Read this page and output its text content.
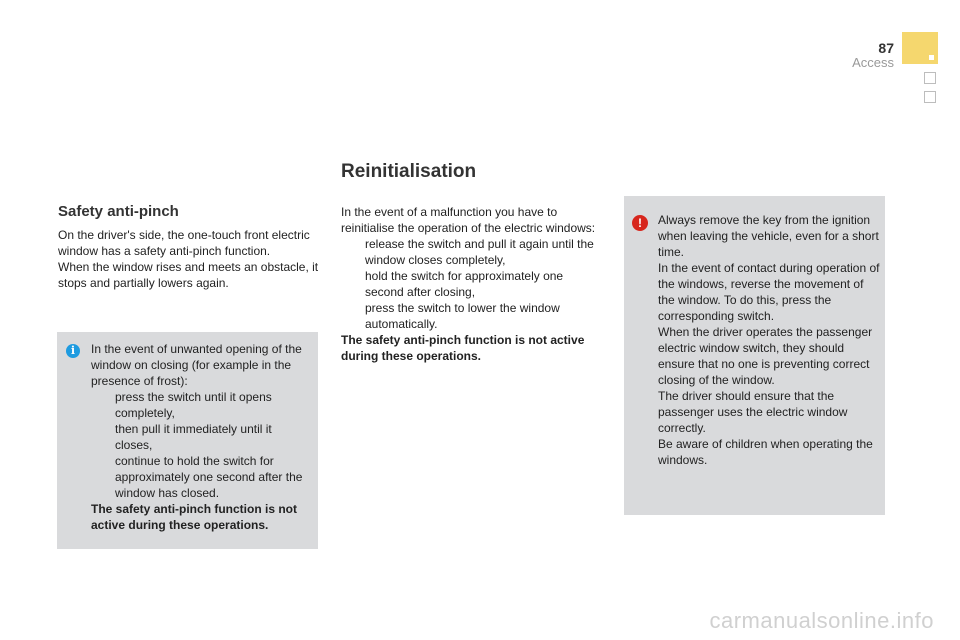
87
Access
Safety anti-pinch

On the driver's side, the one-touch front electric window has a safety anti-pinch function.

When the window rises and meets an obstacle, it stops and partially lowers again.

i	In the event of unwanted opening of the window on closing (for example in the presence of frost):

press the switch until it opens completely,

then pull it immediately until it closes,

continue to hold the switch for approximately one second after the window has closed.

The safety anti-pinch function is not active during these operations.

Reinitialisation

In the event of a malfunction you have to reinitialise the operation of the electric windows:

release the switch and pull it again until the window closes completely,

hold the switch for approximately one second after closing,

press the switch to lower the window automatically.

The safety anti-pinch function is not active during these operations.

!	Always remove the key from the ignition when leaving the vehicle, even for a short time.

In the event of contact during operation of the windows, reverse the movement of the window. To do this, press the corresponding switch.

When the driver operates the passenger electric window switch, they should ensure that no one is preventing correct closing of the window.

The driver should ensure that the passenger uses the electric window correctly.

Be aware of children when operating the windows.

carmanualsonline.info
